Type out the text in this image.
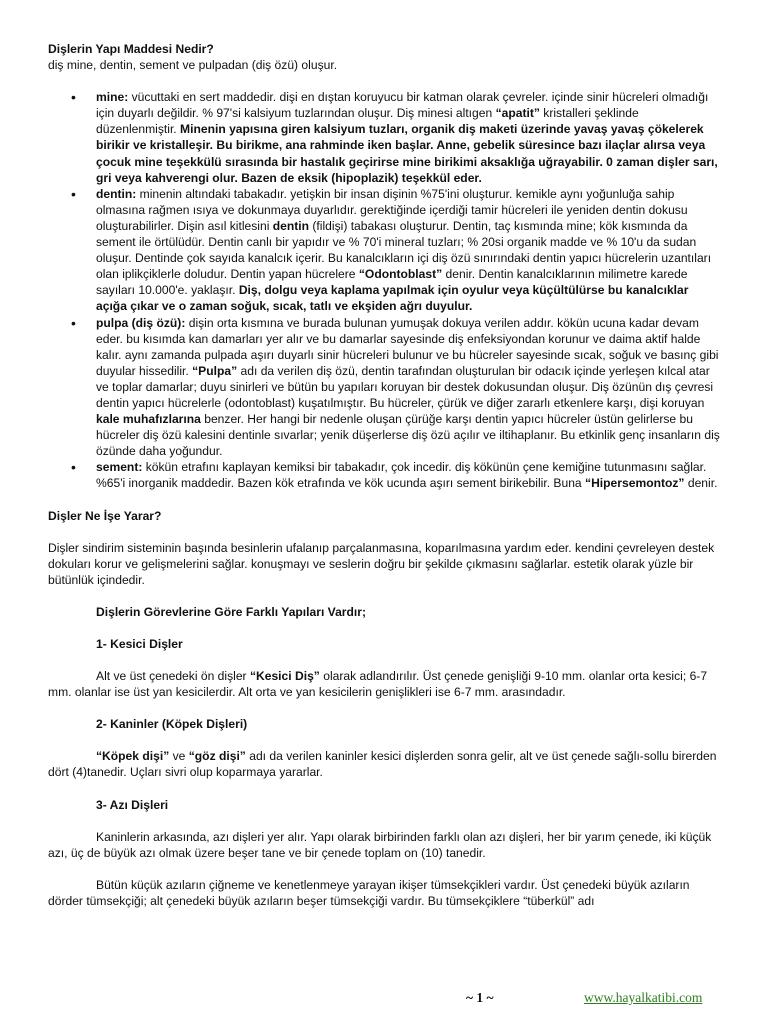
Dişlerin Yapı Maddesi Nedir?

diş mine, dentin, sement ve pulpadan (diş özü) oluşur.

• mine: vücuttaki en sert maddedir. dişi en dıştan koruyucu bir katman olarak çevreler. içinde sinir hücreleri olmadığı için duyarlı değildir. % 97'si kalsiyum tuzlarından oluşur. Diş minesi altıgen “apatit” kristalleri şeklinde düzenlenmiştir. Minenin yapısına giren kalsiyum tuzları, organik diş maketi üzerinde yavaş yavaş çökelerek birikir ve kristalleşir. Bu birikme, ana rahminde iken başlar. Anne, gebelik süresince bazı ilaçlar alırsa veya çocuk mine teşekkülü sırasında bir hastalık geçirirse mine birikimi aksaklığa uğrayabilir. 0 zaman dişler sarı, gri veya kahverengi olur. Bazen de eksik (hipoplazik) teşekkül eder.
• dentin: minenin altındaki tabakadır. yetişkin bir insan dişinin %75'ini oluşturur. kemikle aynı yoğunluğa sahip olmasına rağmen ısıya ve dokunmaya duyarlıdır. gerektiğinde içerdiği tamir hücreleri ile yeniden dentin dokusu oluşturabilirler. Dişin asıl kitlesini dentin (fildişi) tabakası oluşturur. Dentin, taç kısmında mine; kök kısmında da sement ile örtülüdür. Dentin canlı bir yapıdır ve % 70'i mineral tuzları; % 20si organik madde ve % 10'u da sudan oluşur. Dentinde çok sayıda kanalcık içerir. Bu kanalcıkların içi diş özü sınırındaki dentin yapıcı hücrelerin uzantıları olan iplikçiklerle doludur. Dentin yapan hücrelere “Odontoblast” denir. Dentin kanalcıklarının milimetre karede sayıları 10.000'e. yaklaşır. Diş, dolgu veya kaplama yapılmak için oyulur veya küçültülürse bu kanalcıklar açığa çıkar ve o zaman soğuk, sıcak, tatlı ve ekşiden ağrı duyulur.
• pulpa (diş özü): dişin orta kısmına ve burada bulunan yumuşak dokuya verilen addır. kökün ucuna kadar devam eder. bu kısımda kan damarları yer alır ve bu damarlar sayesinde diş enfeksiyondan korunur ve daima aktif halde kalır. aynı zamanda pulpada aşırı duyarlı sinir hücreleri bulunur ve bu hücreler sayesinde sıcak, soğuk ve basınç gibi duyular hissedilir. “Pulpa” adı da verilen diş özü, dentin tarafından oluşturulan bir odacık içinde yerleşen kılcal atar ve toplar damarlar; duyu sinirleri ve bütün bu yapıları koruyan bir destek dokusundan oluşur. Diş özünün dış çevresi dentin yapıcı hücrelerle (odontoblast) kuşatılmıştır. Bu hücreler, çürük ve diğer zararlı etkenlere karşı, dişi koruyan kale muhafızlarına benzer. Her hangi bir nedenle oluşan çürüğe karşı dentin yapıcı hücreler üstün gelirlerse bu hücreler diş özü kalesini dentinle sıvarlar; yenik düşerlerse diş özü açılır ve iltihaplanır. Bu etkinlik genç insanların diş özünde daha yoğundur.
• sement: kökün etrafını kaplayan kemiksi bir tabakadır, çok incedir. diş kökünün çene kemiğine tutunmasını sağlar. %65'i inorganik maddedir. Bazen kök etrafında ve kök ucunda aşırı sement birikebilir. Buna “Hipersemontoz” denir.

Dişler Ne İşe Yarar?

Dişler sindirim sisteminin başında besinlerin ufalanıp parçalanmasına, koparılmasına yardım eder. kendini çevreleyen destek dokuları korur ve gelişmelerini sağlar. konuşmayı ve seslerin doğru bir şekilde çıkmasını sağlarlar. estetik olarak yüzle bir bütünlük içindedir.

Dişlerin Görevlerine Göre Farklı Yapıları Vardır;

1- Kesici Dişler

Alt ve üst çenedeki ön dişler “Kesici Diş” olarak adlandırılır. Üst çenede genişliği 9-10 mm. olanlar orta kesici; 6-7 mm. olanlar ise üst yan kesicilerdir. Alt orta ve yan kesicilerin genişlikleri ise 6-7 mm. arasındadır.

2- Kaninler (Köpek Dişleri)

“Köpek dişi” ve “göz dişi” adı da verilen kaninler kesici dişlerden sonra gelir, alt ve üst çenede sağlı-sollu birerden dört (4)tanedir. Uçları sivri olup koparmaya yararlar.

3- Azı Dişleri

Kaninlerin arkasında, azı dişleri yer alır. Yapı olarak birbirinden farklı olan azı dişleri, her bir yarım çenede, iki küçük azı, üç de büyük azı olmak üzere beşer tane ve bir çenede toplam on (10) tanedir.

Bütün küçük azıların çiğneme ve kenetlenmeye yarayan ikişer tümsekçikleri vardır. Üst çenedeki büyük azıların dörder tümsekçiği; alt çenedeki büyük azıların beşer tümsekçiği vardır. Bu tümsekçiklere “tüberkül” adı

~ 1 ~	www.hayalkatibi.com
